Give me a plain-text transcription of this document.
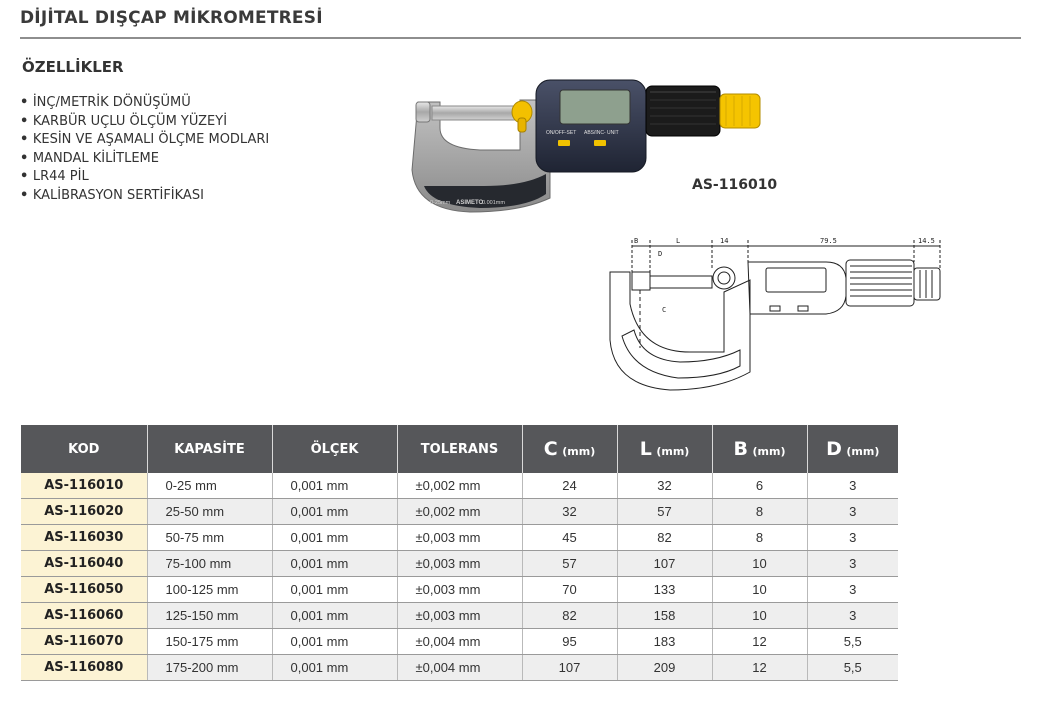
DİJİTAL DIŞÇAP MİKROMETRESİ
ÖZELLİKLER
• İNÇ/METRİK DÖNÜŞÜMÜ
• KARBÜR UÇLU ÖLÇÜM YÜZEYİ
• KESİN VE AŞAMALI ÖLÇME MODLARI
• MANDAL KİLİTLEME
• LR44 PİL
• KALİBRASYON SERTİFİKASI
0-25mm ASIMETO
0.001mm
ON/OFF-SET ABS/INC- UNIT
AS-116010
B	L
D
C
14	79.5	14.5
KOD	KAPASİTE	ÖLÇEK	TOLERANS	C (mm)	L (mm)	B (mm)	D (mm)
AS-116010	0-25 mm	0,001 mm	±0,002 mm	24	32	6	3
AS-116020	25-50 mm	0,001 mm	±0,002 mm	32	57	8	3
AS-116030	50-75 mm	0,001 mm	±0,003 mm	45	82	8	3
AS-116040	75-100 mm	0,001 mm	±0,003 mm	57	107	10	3
AS-116050	100-125 mm	0,001 mm	±0,003 mm	70	133	10	3
AS-116060	125-150 mm	0,001 mm	±0,003 mm	82	158	10	3
AS-116070	150-175 mm	0,001 mm	±0,004 mm	95	183	12	5,5
AS-116080	175-200 mm	0,001 mm	±0,004 mm	107	209	12	5,5
